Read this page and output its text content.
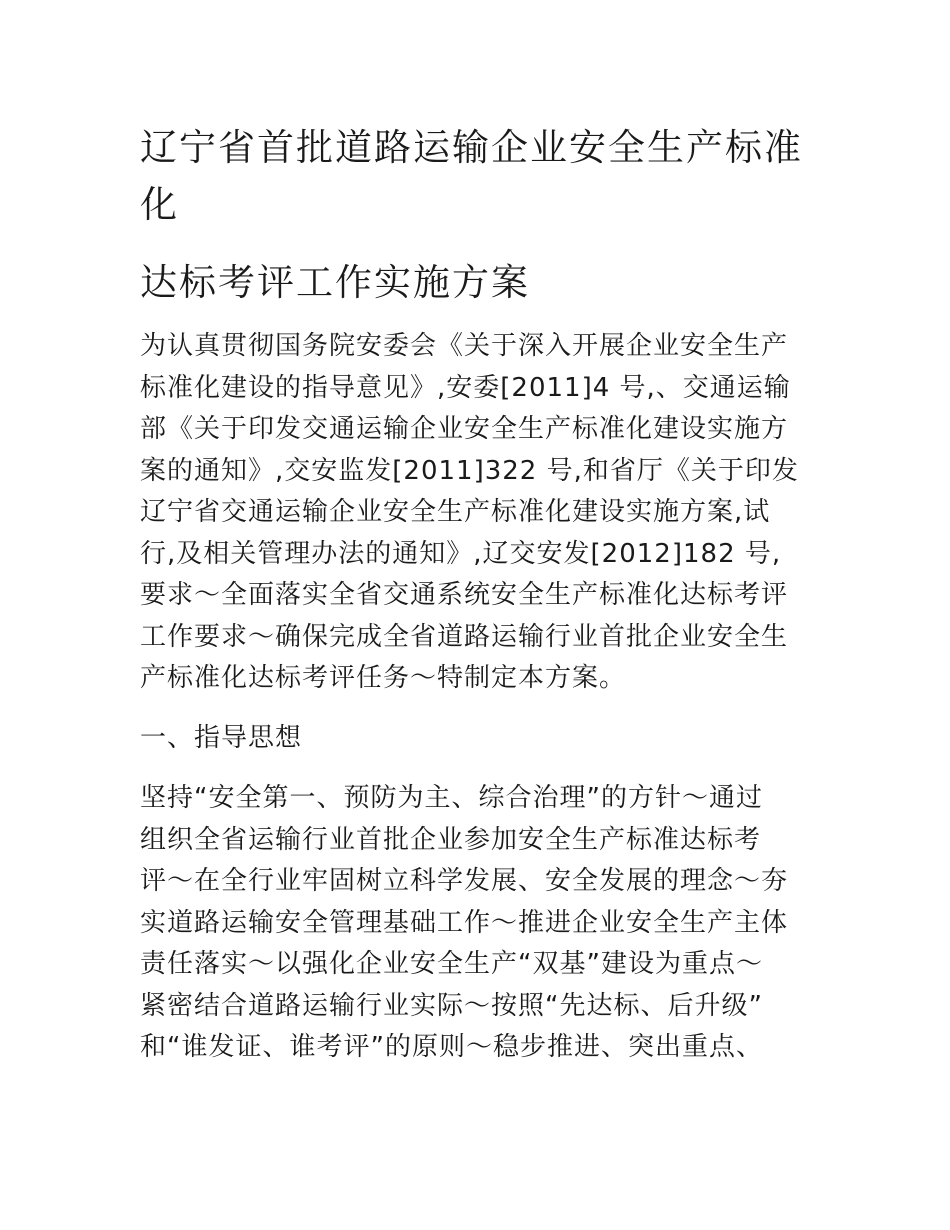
辽宁省首批道路运输企业安全生产标准
化
达标考评工作实施方案
为认真贯彻国务院安委会《关于深入开展企业安全生产
标准化建设的指导意见》,安委[2011]4 号,、交通运输
部《关于印发交通运输企业安全生产标准化建设实施方
案的通知》,交安监发[2011]322 号,和省厅《关于印发
辽宁省交通运输企业安全生产标准化建设实施方案,试
行,及相关管理办法的通知》,辽交安发[2012]182 号,
要求～全面落实全省交通系统安全生产标准化达标考评
工作要求～确保完成全省道路运输行业首批企业安全生
产标准化达标考评任务～特制定本方案。
一、指导思想
坚持“安全第一、预防为主、综合治理”的方针～通过
组织全省运输行业首批企业参加安全生产标准达标考
评～在全行业牢固树立科学发展、安全发展的理念～夯
实道路运输安全管理基础工作～推进企业安全生产主体
责任落实～以强化企业安全生产“双基”建设为重点～
紧密结合道路运输行业实际～按照“先达标、后升级”
和“谁发证、谁考评”的原则～稳步推进、突出重点、
